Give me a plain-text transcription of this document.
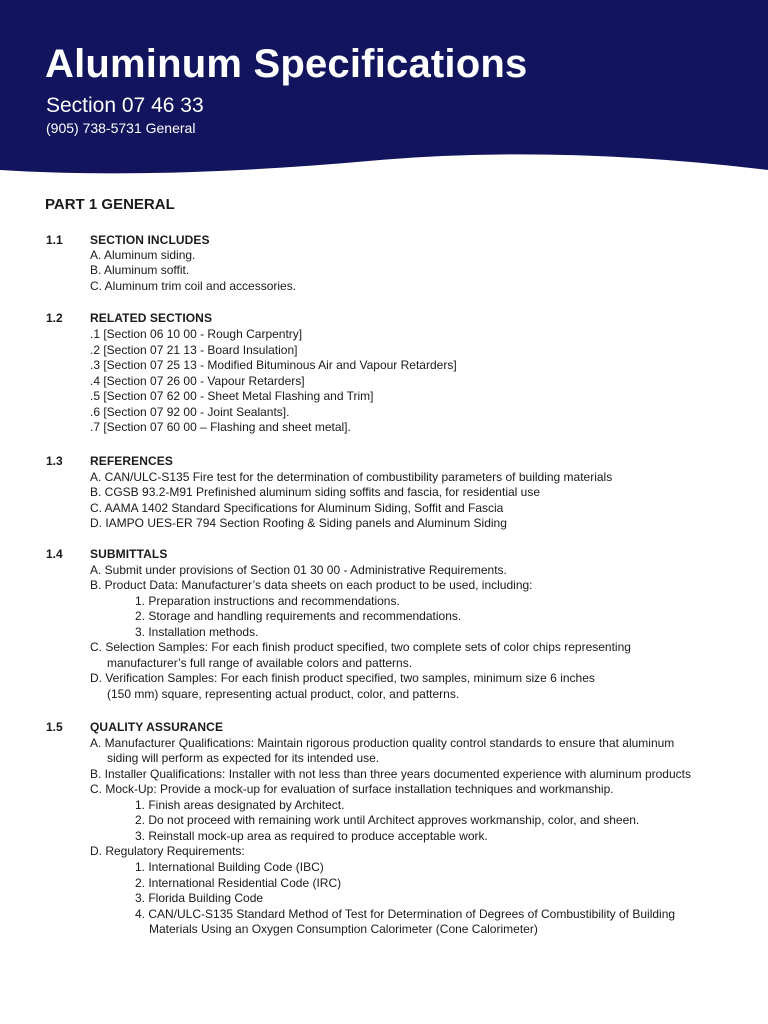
Aluminum Specifications
Section 07 46 33
(905) 738-5731 General
PART 1 GENERAL
1.1 SECTION INCLUDES
A. Aluminum siding.
B. Aluminum soffit.
C. Aluminum trim coil and accessories.
1.2 RELATED SECTIONS
.1 [Section 06 10 00 - Rough Carpentry]
.2 [Section 07 21 13 - Board Insulation]
.3 [Section 07 25 13 - Modified Bituminous Air and Vapour Retarders]
.4 [Section 07 26 00 - Vapour Retarders]
.5 [Section 07 62 00 - Sheet Metal Flashing and Trim]
.6 [Section 07 92 00 - Joint Sealants].
.7 [Section 07 60 00 – Flashing and sheet metal].
1.3 REFERENCES
A. CAN/ULC-S135 Fire test for the determination of combustibility parameters of building materials
B. CGSB 93.2-M91 Prefinished aluminum siding soffits and fascia, for residential use
C. AAMA 1402 Standard Specifications for Aluminum Siding, Soffit and Fascia
D. IAMPO UES-ER 794 Section Roofing & Siding panels and Aluminum Siding
1.4 SUBMITTALS
A. Submit under provisions of Section 01 30 00 - Administrative Requirements.
B. Product Data: Manufacturer’s data sheets on each product to be used, including:
1. Preparation instructions and recommendations.
2. Storage and handling requirements and recommendations.
3. Installation methods.
C. Selection Samples: For each finish product specified, two complete sets of color chips representing
manufacturer’s full range of available colors and patterns.
D. Verification Samples: For each finish product specified, two samples, minimum size 6 inches
(150 mm) square, representing actual product, color, and patterns.
1.5 QUALITY ASSURANCE
A. Manufacturer Qualifications: Maintain rigorous production quality control standards to ensure that aluminum
siding will perform as expected for its intended use.
B. Installer Qualifications: Installer with not less than three years documented experience with aluminum products
C. Mock-Up: Provide a mock-up for evaluation of surface installation techniques and workmanship.
1. Finish areas designated by Architect.
2. Do not proceed with remaining work until Architect approves workmanship, color, and sheen.
3. Reinstall mock-up area as required to produce acceptable work.
D. Regulatory Requirements:
1. International Building Code (IBC)
2. International Residential Code (IRC)
3. Florida Building Code
4. CAN/ULC-S135 Standard Method of Test for Determination of Degrees of Combustibility of Building
Materials Using an Oxygen Consumption Calorimeter (Cone Calorimeter)
